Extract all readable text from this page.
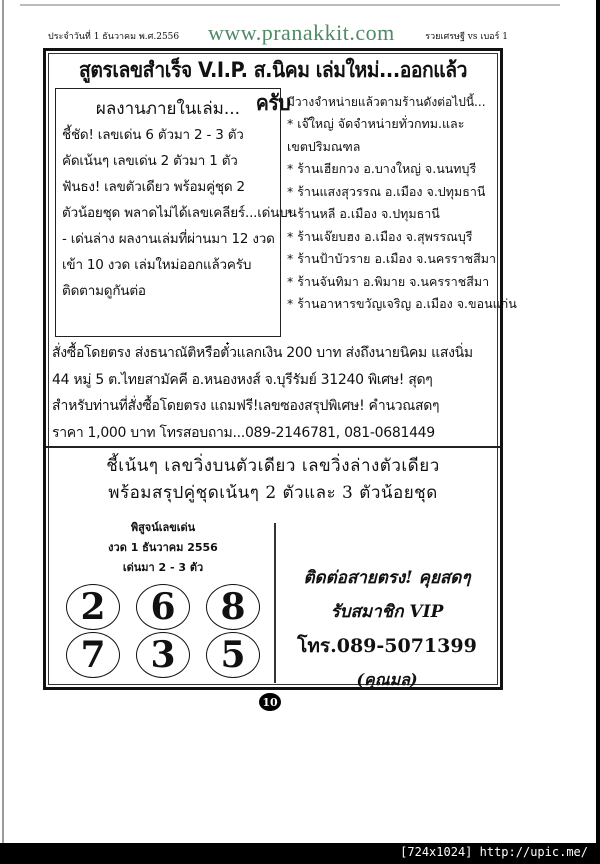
ประจำวันที่ 1 ธันวาคม พ.ศ.2556 www.pranakkit.com	รวยเศรษฐี vs เบอร์ 1
สูตรเลขสำเร็จ V.I.P. ส.นิคม เล่มใหม่...ออกแล้วครับ
ผลงานภายในเล่ม...
ชี้ชัด! เลขเด่น 6 ตัวมา 2 - 3 ตัว
คัดเน้นๆ เลขเด่น 2 ตัวมา 1 ตัว
ฟันธง! เลขตัวเดียว พร้อมคู่ชุด 2
ตัวน้อยชุด พลาดไม่ได้เลขเคลียร์...เด่นบน
- เด่นล่าง ผลงานเล่มที่ผ่านมา 12 งวด
เข้า 10 งวด เล่มใหม่ออกแล้วครับ
ติดตามดูกันต่อ
มีวางจำหน่ายแล้วตามร้านดังต่อไปนี้...
* เจ๊ใหญ่ จัดจำหน่ายทั่วกทม.และ
เขตปริมณฑล
* ร้านเฮียกวง อ.บางใหญ่ จ.นนทบุรี
* ร้านแสงสุวรรณ อ.เมือง จ.ปทุมธานี
* ร้านหลี อ.เมือง จ.ปทุมธานี
* ร้านเจ๊ยบฮง อ.เมือง จ.สุพรรณบุรี
* ร้านป้าบัวราย อ.เมือง จ.นครราชสีมา
* ร้านจันทิมา อ.พิมาย จ.นครราชสีมา
* ร้านอาหารขวัญเจริญ อ.เมือง จ.ขอนแก่น
สั่งซื้อโดยตรง ส่งธนาณัติหรือตั๋วแลกเงิน 200 บาท ส่งถึงนายนิคม แสงนิ่ม
44 หมู่ 5 ต.ไทยสามัคคี อ.หนองหงส์ จ.บุรีรัมย์ 31240 พิเศษ! สุดๆ
สำหรับท่านที่สั่งซื้อโดยตรง แถมฟรี!เลขซองสรุปพิเศษ! คำนวณสดๆ
ราคา 1,000 บาท โทรสอบถาม...089-2146781, 081-0681449
ชี้เน้นๆ เลขวิ่งบนตัวเดียว เลขวิ่งล่างตัวเดียว
พร้อมสรุปคู่ชุดเน้นๆ 2 ตัวและ 3 ตัวน้อยชุด
พิสูจน์เลขเด่น
งวด 1 ธันวาคม 2556
เด่นมา 2 - 3 ตัว
2	6	8
7	3	5
ติดต่อสายตรง! คุยสดๆ
รับสมาชิก VIP
โทร.089-5071399
(คุณมล)
10
[724x1024] http://upic.me/
